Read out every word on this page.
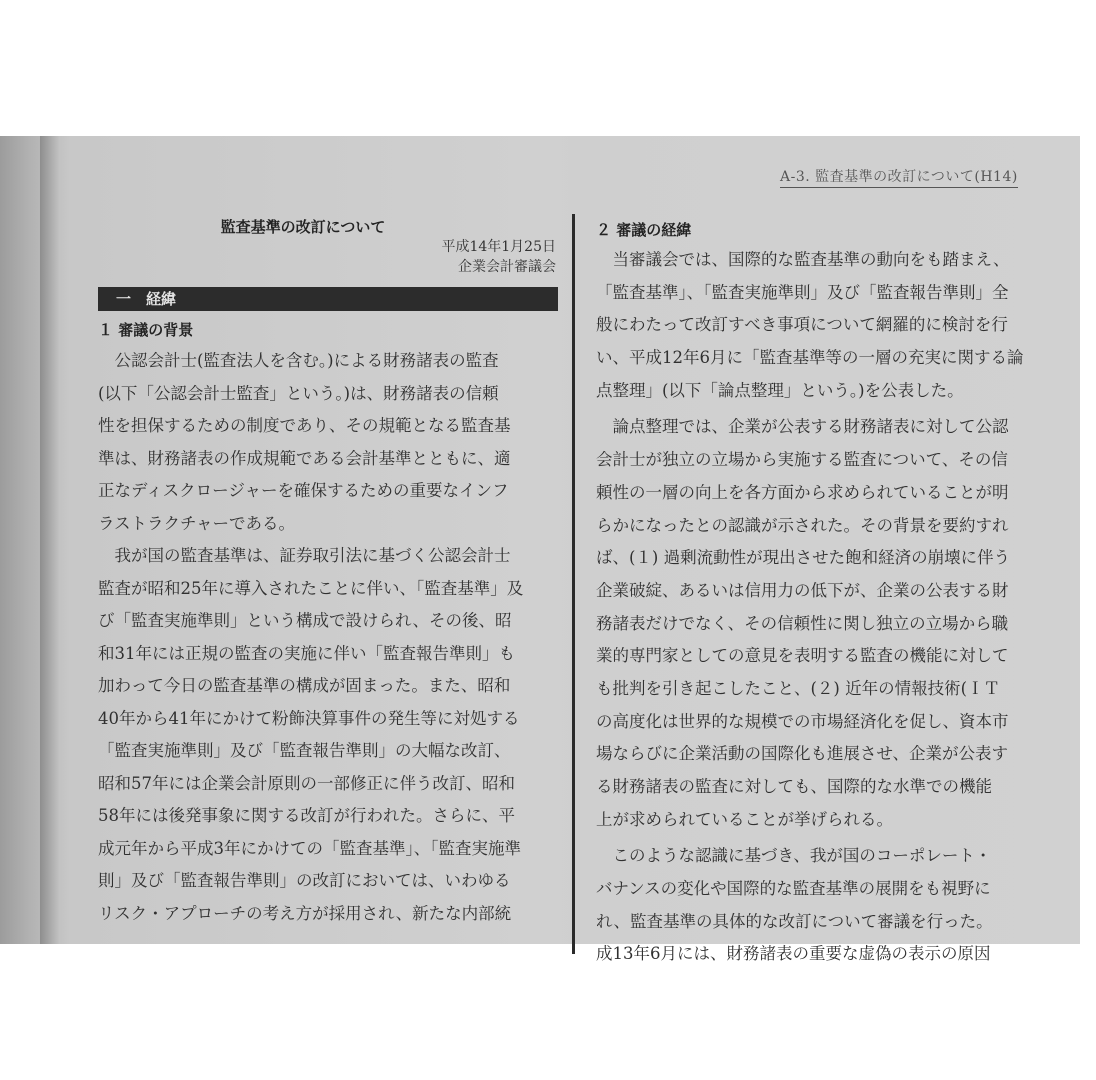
A-3. 監査基準の改訂について(H14)
監査基準の改訂について
平成14年1月25日
企業会計審議会
一　経緯
１ 審議の背景
　公認会計士(監査法人を含む。)による財務諸表の監査
(以下「公認会計士監査」という。)は、財務諸表の信頼
性を担保するための制度であり、その規範となる監査基
準は、財務諸表の作成規範である会計基準とともに、適
正なディスクロージャーを確保するための重要なインフ
ラストラクチャーである。
　我が国の監査基準は、証券取引法に基づく公認会計士
監査が昭和25年に導入されたことに伴い、「監査基準」及
び「監査実施準則」という構成で設けられ、その後、昭
和31年には正規の監査の実施に伴い「監査報告準則」も
加わって今日の監査基準の構成が固まった。また、昭和
40年から41年にかけて粉飾決算事件の発生等に対処する
「監査実施準則」及び「監査報告準則」の大幅な改訂、
昭和57年には企業会計原則の一部修正に伴う改訂、昭和
58年には後発事象に関する改訂が行われた。さらに、平
成元年から平成3年にかけての「監査基準」、「監査実施準
則」及び「監査報告準則」の改訂においては、いわゆる
リスク・アプローチの考え方が採用され、新たな内部統
２ 審議の経緯
　当審議会では、国際的な監査基準の動向をも踏まえ、
「監査基準」、「監査実施準則」及び「監査報告準則」全
般にわたって改訂すべき事項について網羅的に検討を行
い、平成12年6月に「監査基準等の一層の充実に関する論
点整理」(以下「論点整理」という。)を公表した。
　論点整理では、企業が公表する財務諸表に対して公認
会計士が独立の立場から実施する監査について、その信
頼性の一層の向上を各方面から求められていることが明
らかになったとの認識が示された。その背景を要約すれ
ば、(１) 過剰流動性が現出させた飽和経済の崩壊に伴う
企業破綻、あるいは信用力の低下が、企業の公表する財
務諸表だけでなく、その信頼性に関し独立の立場から職
業的専門家としての意見を表明する監査の機能に対して
も批判を引き起こしたこと、(２) 近年の情報技術(ＩＴ
の高度化は世界的な規模での市場経済化を促し、資本市
場ならびに企業活動の国際化も進展させ、企業が公表す
る財務諸表の監査に対しても、国際的な水準での機能
上が求められていることが挙げられる。
　このような認識に基づき、我が国のコーポレート・
バナンスの変化や国際的な監査基準の展開をも視野に
れ、監査基準の具体的な改訂について審議を行った。
成13年6月には、財務諸表の重要な虚偽の表示の原因
